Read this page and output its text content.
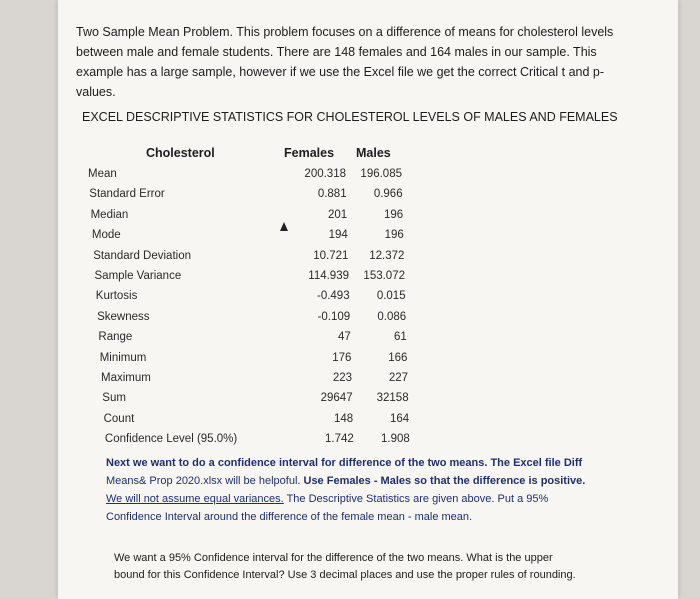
Two Sample Mean Problem. This problem focuses on a difference of means for cholesterol levels
between male and female students. There are 148 females and 164 males in our sample. This
example has a large sample, however if we use the Excel file we get the correct Critical t and p-
values.
EXCEL DESCRIPTIVE STATISTICS FOR CHOLESTEROL LEVELS OF MALES AND FEMALES
Cholesterol	Females Males
Mean	200.318	196.085
Standard Error	0.881	0.966
Median	201	196
Mode	194	196
Standard Deviation	10.721	12.372
Sample Variance	114.939	153.072
Kurtosis	-0.493	0.015
Skewness	-0.109	0.086
Range	47	61
Minimum	176	166
Maximum	223	227
Sum	29647	32158
Count	148	164
Confidence Level (95.0%)	1.742	1.908
Next we want to do a confidence interval for difference of the two means. The Excel file Diff
Means& Prop 2020.xlsx will be helpoful. Use Females - Males so that the difference is positive.
We will not assume equal variances. The Descriptive Statistics are given above. Put a 95%
Confidence Interval around the difference of the female mean - male mean.
We want a 95% Confidence interval for the difference of the two means. What is the upper
bound for this Confidence Interval? Use 3 decimal places and use the proper rules of rounding.
